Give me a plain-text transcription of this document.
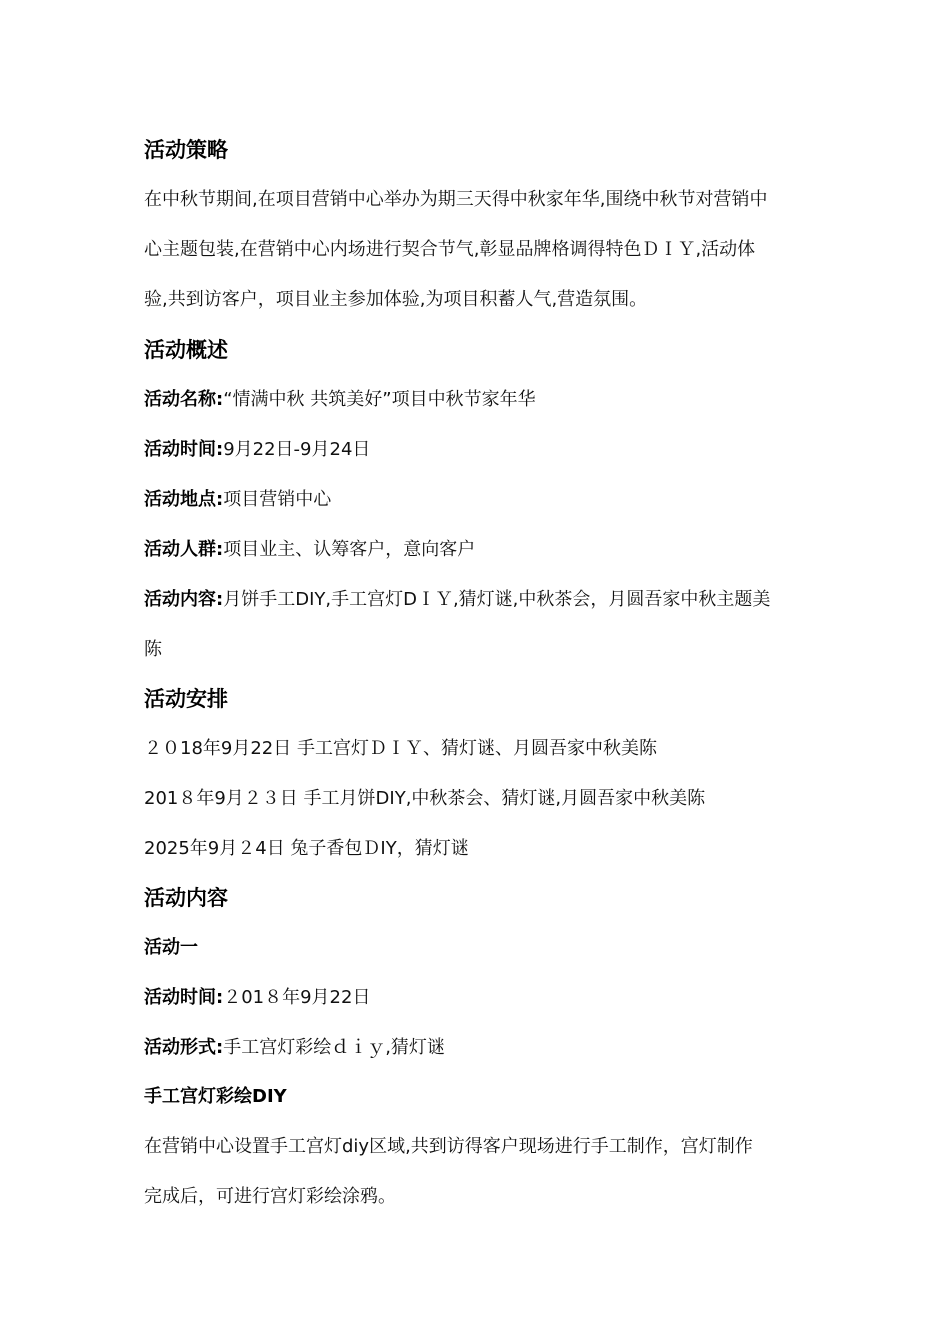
活动策略
在中秋节期间,在项目营销中心举办为期三天得中秋家年华,围绕中秋节对营销中
心主题包装,在营销中心内场进行契合节气,彰显品牌格调得特色ＤＩＹ,活动体
验,共到访客户，项目业主参加体验,为项目积蓄人气,营造氛围。
活动概述
活动名称:“情满中秋 共筑美好”项目中秋节家年华
活动时间:9月22日-9月24日
活动地点:项目营销中心
活动人群:项目业主、认筹客户，意向客户
活动内容:月饼手工DIY,手工宫灯DＩＹ,猜灯谜,中秋茶会，月圆吾家中秋主题美
陈
活动安排
２０18年9月22日 手工宫灯ＤＩＹ、猜灯谜、月圆吾家中秋美陈
201８年9月２３日 手工月饼DIY,中秋茶会、猜灯谜,月圆吾家中秋美陈
2025年9月２4日 兔子香包ＤIY，猜灯谜
活动内容
活动一
活动时间:２01８年9月22日
活动形式:手工宫灯彩绘ｄｉｙ,猜灯谜
手工宫灯彩绘DIY
在营销中心设置手工宫灯diy区域,共到访得客户现场进行手工制作，宫灯制作
完成后，可进行宫灯彩绘涂鸦。
